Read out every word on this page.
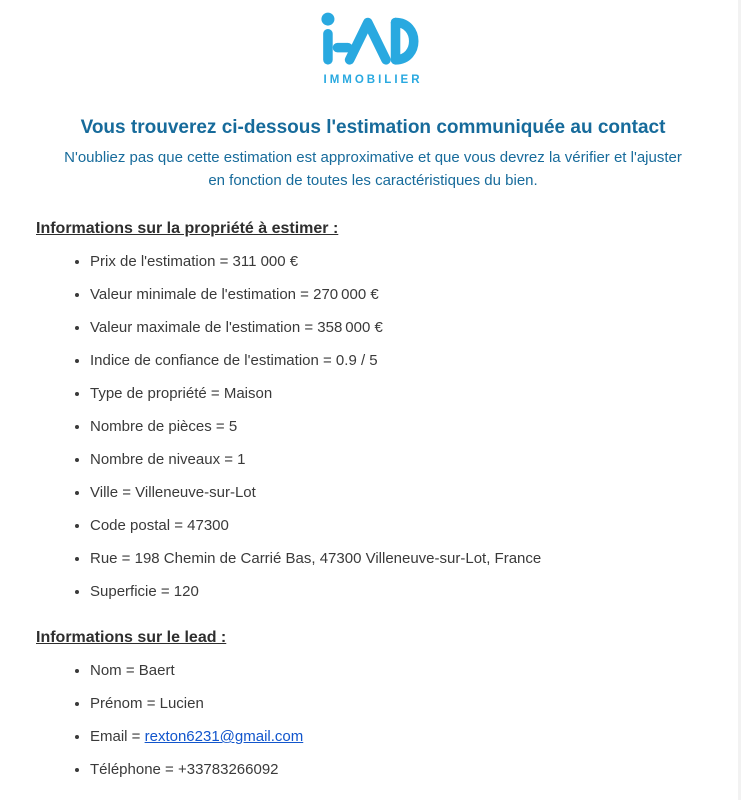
IMMOBILIER
Vous trouverez ci-dessous l'estimation communiquée au contact
N'oubliez pas que cette estimation est approximative et que vous devrez la vérifier et l'ajuster
en fonction de toutes les caractéristiques du bien.
Informations sur la propriété à estimer :
• Prix de l'estimation = 311 000 €
• Valeur minimale de l'estimation = 270 000 €
• Valeur maximale de l'estimation = 358 000 €
• Indice de confiance de l'estimation = 0.9 / 5
• Type de propriété = Maison
• Nombre de pièces = 5
• Nombre de niveaux = 1
• Ville = Villeneuve-sur-Lot
• Code postal = 47300
• Rue = 198 Chemin de Carrié Bas, 47300 Villeneuve-sur-Lot, France
• Superficie = 120
Informations sur le lead :
• Nom = Baert
• Prénom = Lucien
• Email = rexton6231@gmail.com
• Téléphone = +33783266092
